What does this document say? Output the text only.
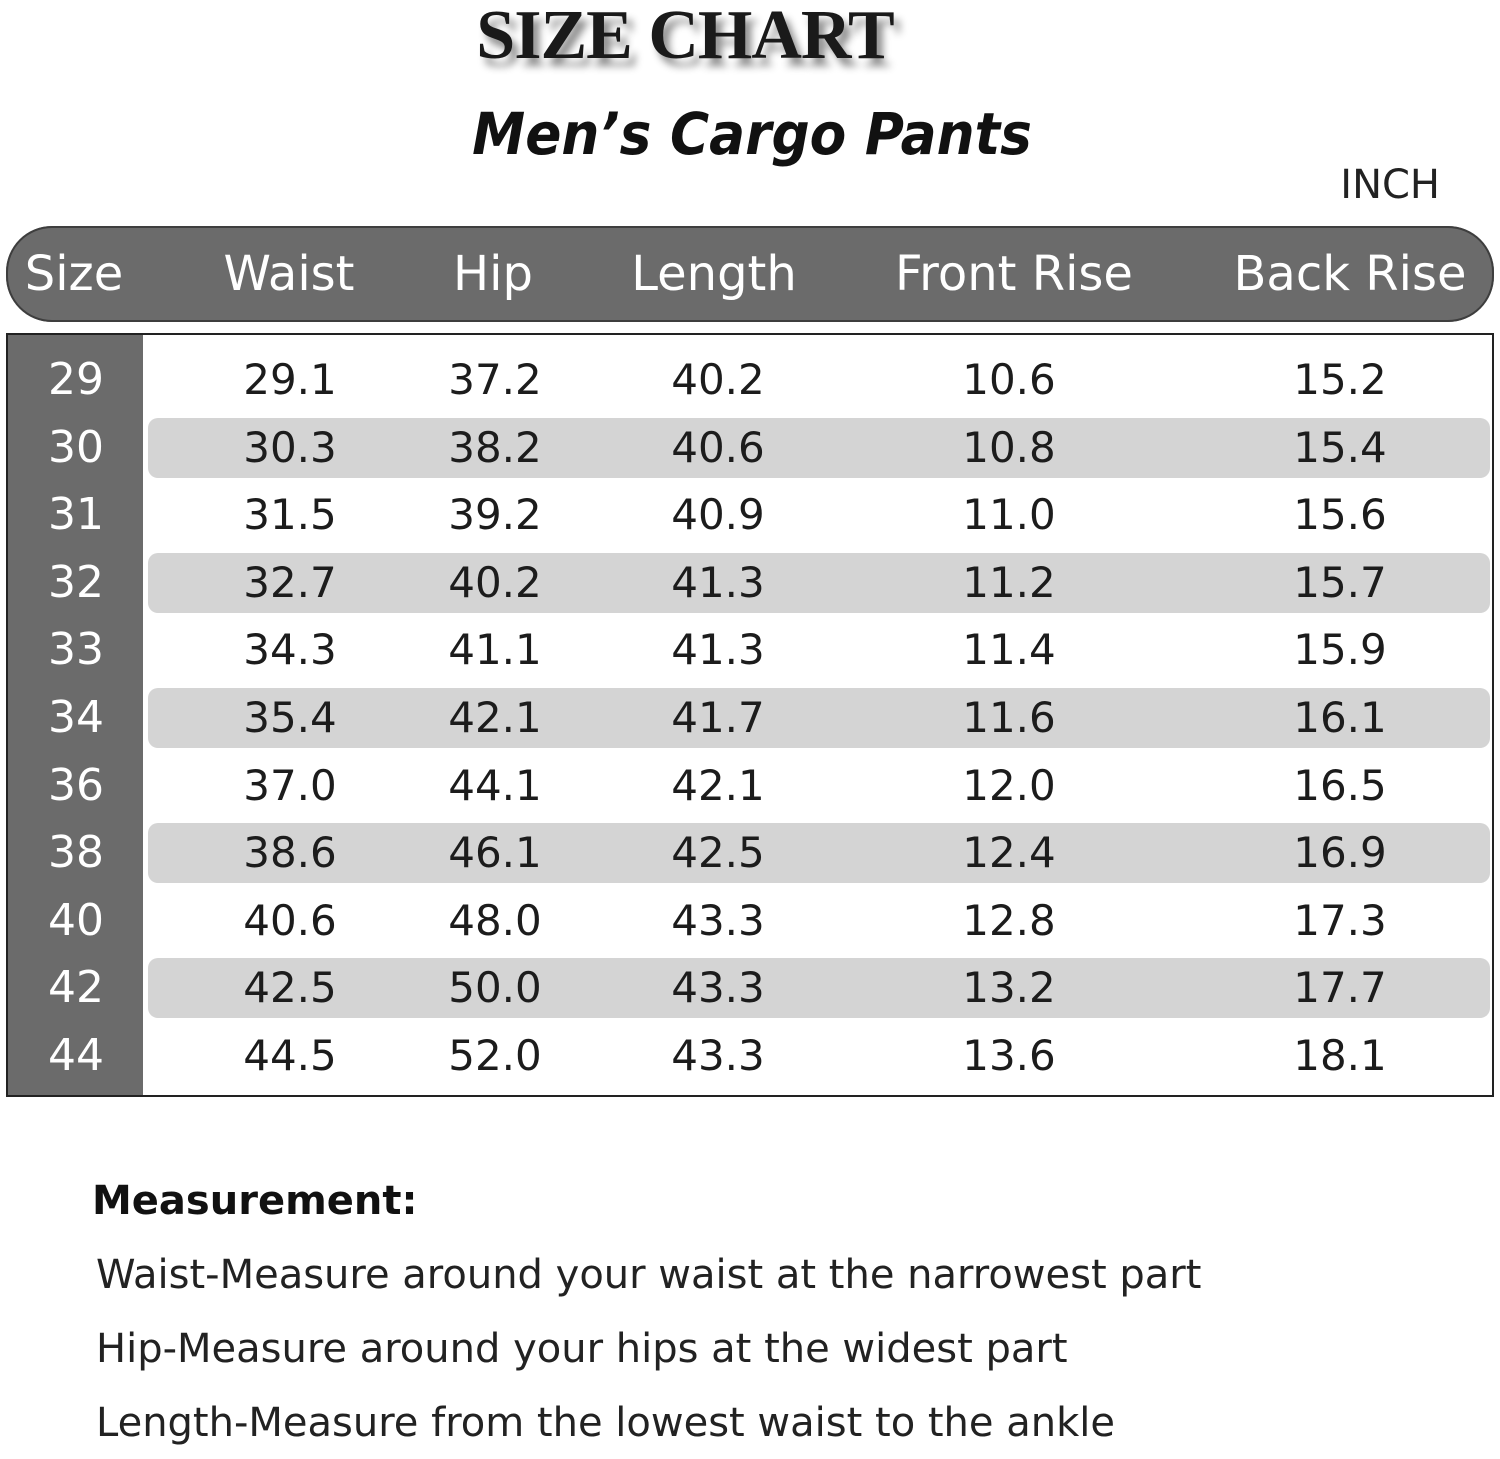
SIZE CHART
Men’s Cargo Pants
INCH
Size Waist Hip Length Front Rise Back Rise
29	29.1	37.2	40.2	10.6	15.2
30	30.3	38.2	40.6	10.8	15.4
31	31.5	39.2	40.9	11.0	15.6
32	32.7	40.2	41.3	11.2	15.7
33	34.3	41.1	41.3	11.4	15.9
34	35.4	42.1	41.7	11.6	16.1
36	37.0	44.1	42.1	12.0	16.5
38	38.6	46.1	42.5	12.4	16.9
40	40.6	48.0	43.3	12.8	17.3
42	42.5	50.0	43.3	13.2	17.7
44	44.5	52.0	43.3	13.6	18.1
Measurement:
Waist-Measure around your waist at the narrowest part
Hip-Measure around your hips at the widest part
Length-Measure from the lowest waist to the ankle
